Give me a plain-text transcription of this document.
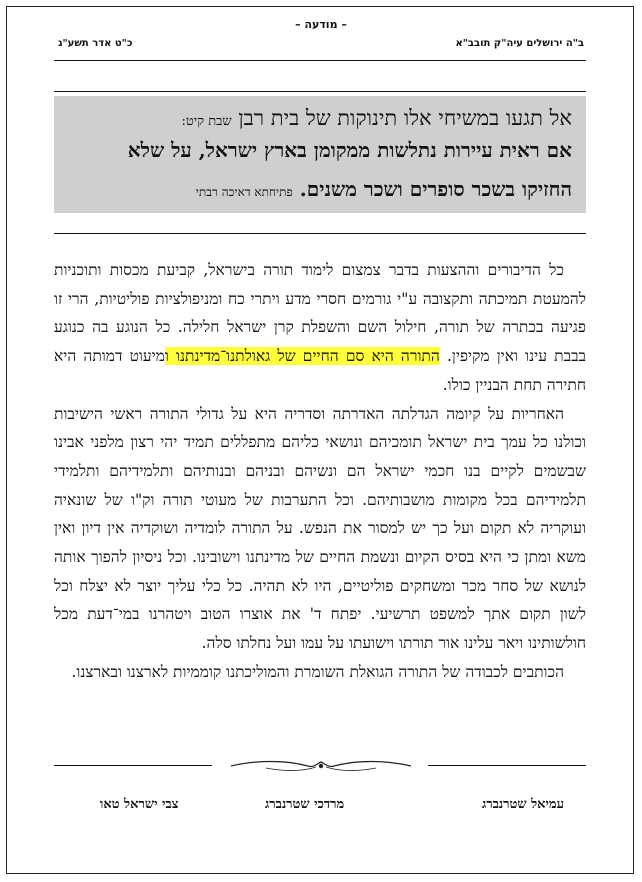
– מודעה –
כ"ט אדר תשע"ג	ב"ה ירושלים עיה"ק תובב"א
אל תגעו במשיחי אלו תינוקות של בית רבן שבת קיט:
אם ראית עיירות נתלשות ממקומן בארץ ישראל, על שלא
החזיקו בשכר סופרים ושכר משנים. פתיחתא דאיכה רבתי

כל הדיבורים וההצעות בדבר צמצום לימוד תורה בישראל, קביעת מכסות ותוכניות להמעטת תמיכתה ותקצובה ע"י גורמים חסרי מדע ויתרי כח ומניפולציות פוליטיות, הרי זו פגיעה בכתרה של תורה, חילול השם והשפלת קרן ישראל חלילה. כל הנוגע בה כנוגע בבבת עינו ואין מקיפין. התורה היא סם החיים של גאולתנו־מדינתנו ומיעוט דמותה היא חתירה תחת הבניין כולו.

האחריות על קיומה הגדלתה האדרתה וסדריה היא על גדולי התורה ראשי הישיבות וכולנו כל עמך בית ישראל תומכיהם ונושאי כליהם מתפללים תמיד יהי רצון מלפני אבינו שבשמים לקיים בנו חכמי ישראל הם ונשיהם ובניהם ובנותיהם ותלמידיהם ותלמידי תלמידיהם בכל מקומות מושבותיהם. וכל התערבות של מעוטי תורה וק"ו של שונאיה ועוקריה לא תקום ועל כך יש למסור את הנפש. על התורה לומדיה ושוקדיה אין דיון ואין משא ומתן כי היא בסיס הקיום ונשמת החיים של מדינתנו וישובינו. וכל ניסיון להפוך אותה לנושא של סחר מכר ומשחקים פוליטיים, היו לא תהיה. כל כלי עליך יוצר לא יצלח וכל לשון תקום אתך למשפט תרשיעי. יפתח ד' את אוצרו הטוב ויטהרנו במי־דעת מכל חולשותינו ויאר עלינו אור תורתו וישועתו על עמו ועל נחלתו סלה.

הכותבים לכבודה של התורה הגואלת השומרת והמוליכתנו קוממיות לארצנו ובארצנו.

עמיאל שטרנברג
מרדכי שטרנברג
צבי ישראל טאו
